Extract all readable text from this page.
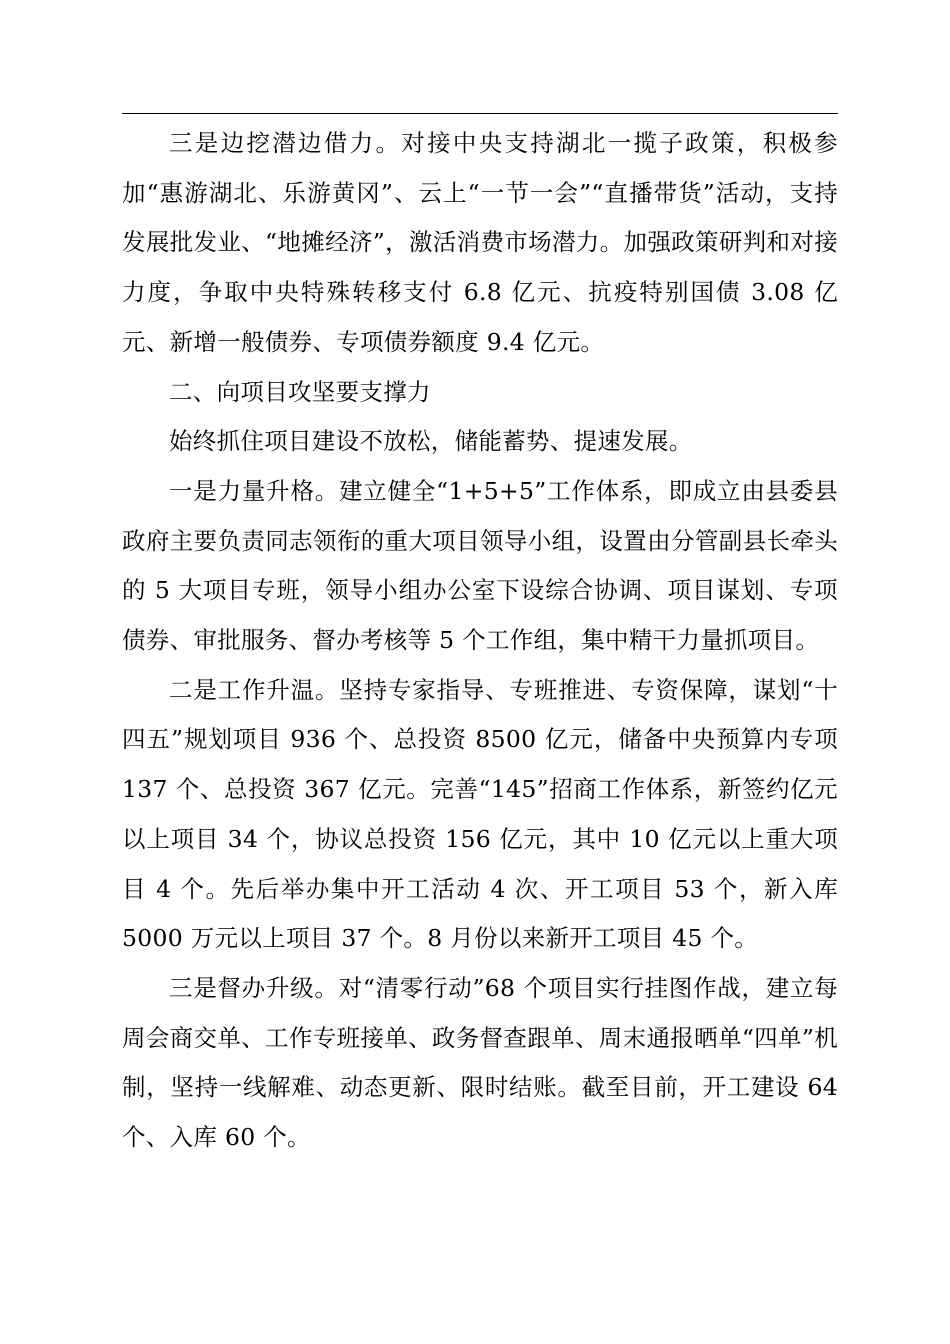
三是边挖潜边借力。对接中央支持湖北一揽子政策，积极参加“惠游湖北、乐游黄冈”、云上“一节一会”“直播带货”活动，支持发展批发业、“地摊经济”，激活消费市场潜力。加强政策研判和对接力度，争取中央特殊转移支付 6.8 亿元、抗疫特别国债 3.08 亿元、新增一般债券、专项债券额度 9.4 亿元。

二、向项目攻坚要支撑力

始终抓住项目建设不放松，储能蓄势、提速发展。

一是力量升格。建立健全“1+5+5”工作体系，即成立由县委县政府主要负责同志领衔的重大项目领导小组，设置由分管副县长牵头的 5 大项目专班，领导小组办公室下设综合协调、项目谋划、专项债券、审批服务、督办考核等 5 个工作组，集中精干力量抓项目。

二是工作升温。坚持专家指导、专班推进、专资保障，谋划“十四五”规划项目 936 个、总投资 8500 亿元，储备中央预算内专项 137 个、总投资 367 亿元。完善“145”招商工作体系，新签约亿元以上项目 34 个，协议总投资 156 亿元，其中 10 亿元以上重大项目 4 个。先后举办集中开工活动 4 次、开工项目 53 个，新入库 5000 万元以上项目 37 个。8 月份以来新开工项目 45 个。

三是督办升级。对“清零行动”68 个项目实行挂图作战，建立每周会商交单、工作专班接单、政务督查跟单、周末通报晒单“四单”机制，坚持一线解难、动态更新、限时结账。截至目前，开工建设 64 个、入库 60 个。
